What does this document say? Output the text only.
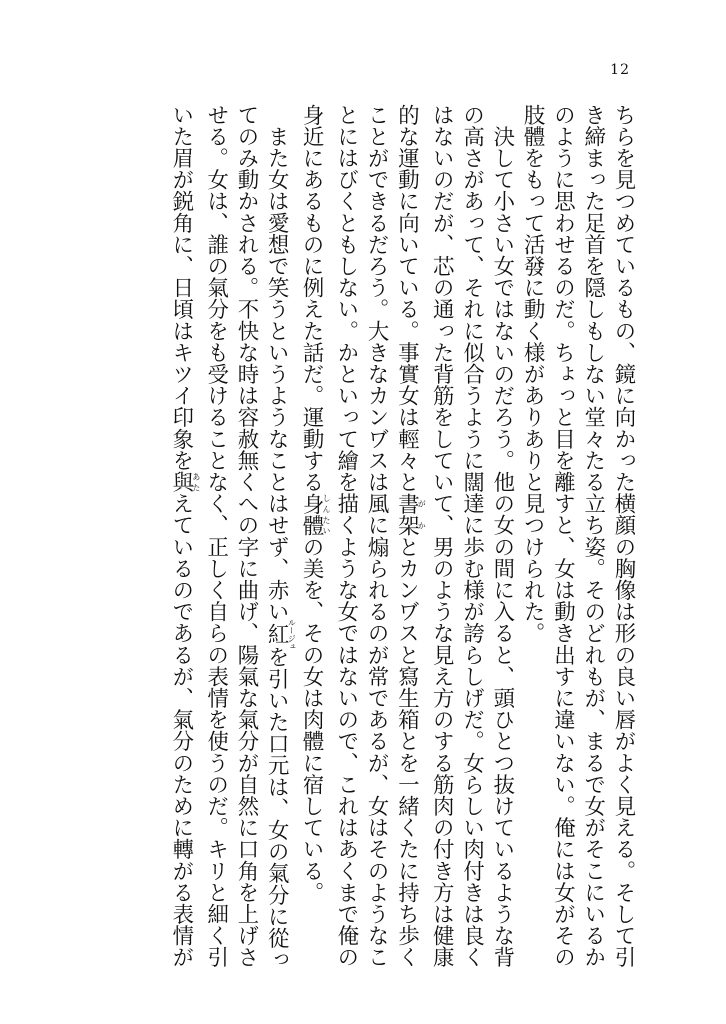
12
ちらを見つめているもの、鏡に向かった横顔の胸像は形の良い唇がよく見える。そして引
き締まった足首を隠しもしない堂々たる立ち姿。そのどれもが、まるで女がそこにいるか
のように思わせるのだ。ちょっと目を離すと、女は動き出すに違いない。俺には女がその
肢體をもって活發に動く様がありありと見つけられた。
　決して小さい女ではないのだろう。他の女の間に入ると、頭ひとつ抜けているような背
の高さがあって、それに似合うように闊達に歩む様が誇らしげだ。女らしい肉付きは良く
はないのだが、芯の通った背筋をしていて、男のような見え方のする筋肉の付き方は健康
的な運動に向いている。事實女は輕々と書架がかとカンヷスと寫生箱とを一緒くたに持ち歩く
ことができるだろう。大きなカンヷスは風に煽られるのが常であるが、女はそのようなこ
とにはびくともしない。かといって繪を描くような女ではないので、これはあくまで俺の
身近にあるものに例えた話だ。運動する身體しんたいの美を、その女は肉體に宿している。
　また女は愛想で笑うというようなことはせず、赤い紅ルージュを引いた口元は、女の氣分に從っ
てのみ動かされる。不快な時は容赦無くへの字に曲げ、陽氣な氣分が自然に口角を上げさ
せる。女は、誰の氣分をも受けることなく、正しく自らの表情を使うのだ。キリと細く引
いた眉が鋭角に、日頃はキツイ印象を與あたえているのであるが、氣分のために轉がる表情が
